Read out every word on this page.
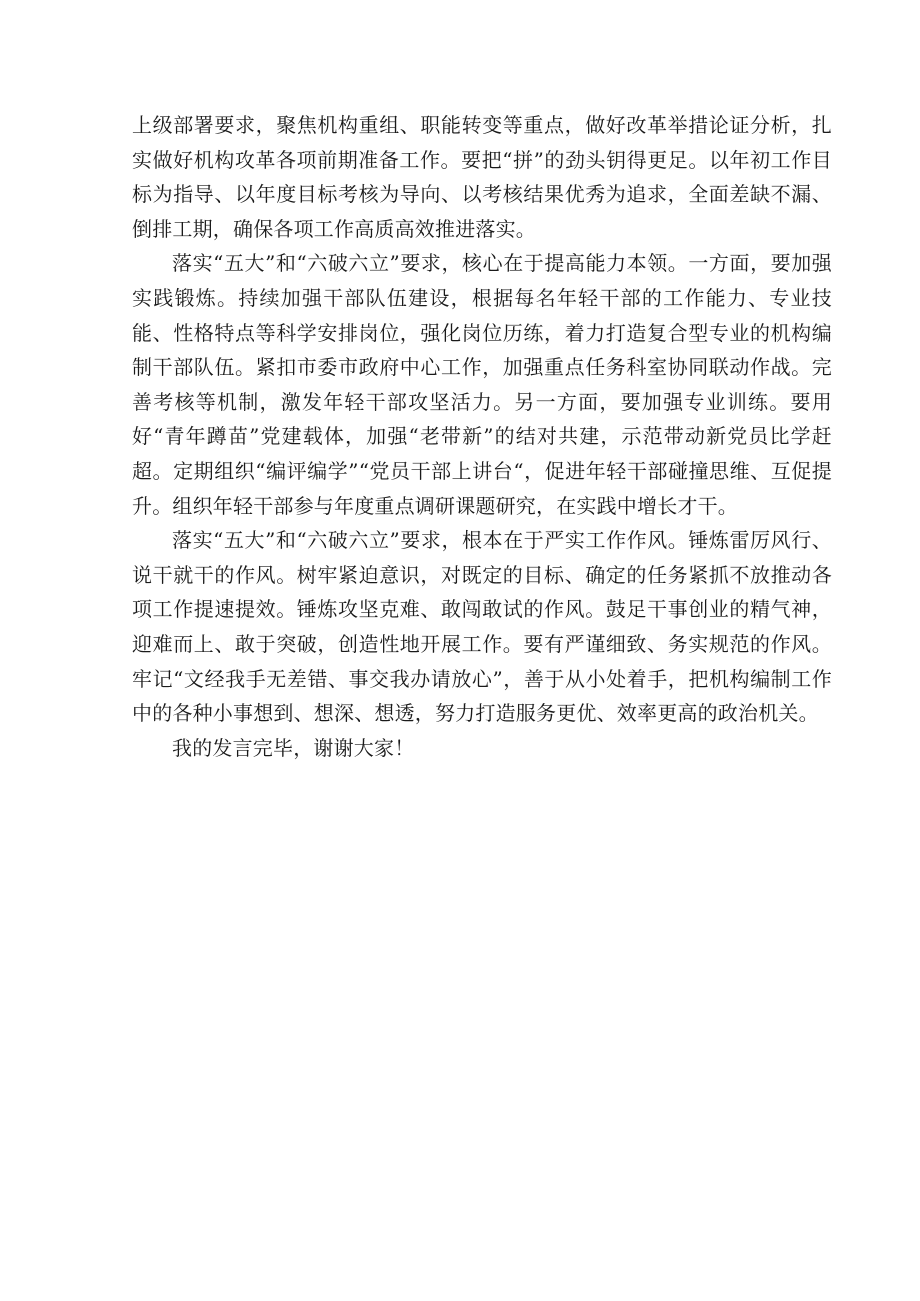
上级部署要求，聚焦机构重组、职能转变等重点，做好改革举措论证分析，扎实做好机构攻革各项前期准备工作。要把“拼”的劲头钥得更足。以年初工作目标为指导、以年度目标考核为导向、以考核结果优秀为追求，全面差缺不漏、倒排工期，确保各项工作高质高效推进落实。

落实“五大”和“六破六立”要求，核心在于提高能力本领。一方面，要加强实践锻炼。持续加强干部队伍建设，根据每名年轻干部的工作能力、专业技能、性格特点等科学安排岗位，强化岗位历练，着力打造复合型专业的机构编制干部队伍。紧扣市委市政府中心工作，加强重点任务科室协同联动作战。完善考核等机制，激发年轻干部攻坚活力。另一方面，要加强专业训练。要用好“青年蹲苗”党建载体，加强“老带新”的结对共建，示范带动新党员比学赶超。定期组织“编评编学”“党员干部上讲台“，促进年轻干部碰撞思维、互促提升。组织年轻干部参与年度重点调研课题研究，在实践中增长才干。

落实“五大”和“六破六立”要求，根本在于严实工作作风。锤炼雷厉风行、说干就干的作风。树牢紧迫意识，对既定的目标、确定的任务紧抓不放推动各项工作提速提效。锤炼攻坚克难、敢闯敢试的作风。鼓足干事创业的精气神，迎难而上、敢于突破，创造性地开展工作。要有严谨细致、务实规范的作风。牢记“文经我手无差错、事交我办请放心”，善于从小处着手，把机构编制工作中的各种小事想到、想深、想透，努力打造服务更优、效率更高的政治机关。

我的发言完毕，谢谢大家！
